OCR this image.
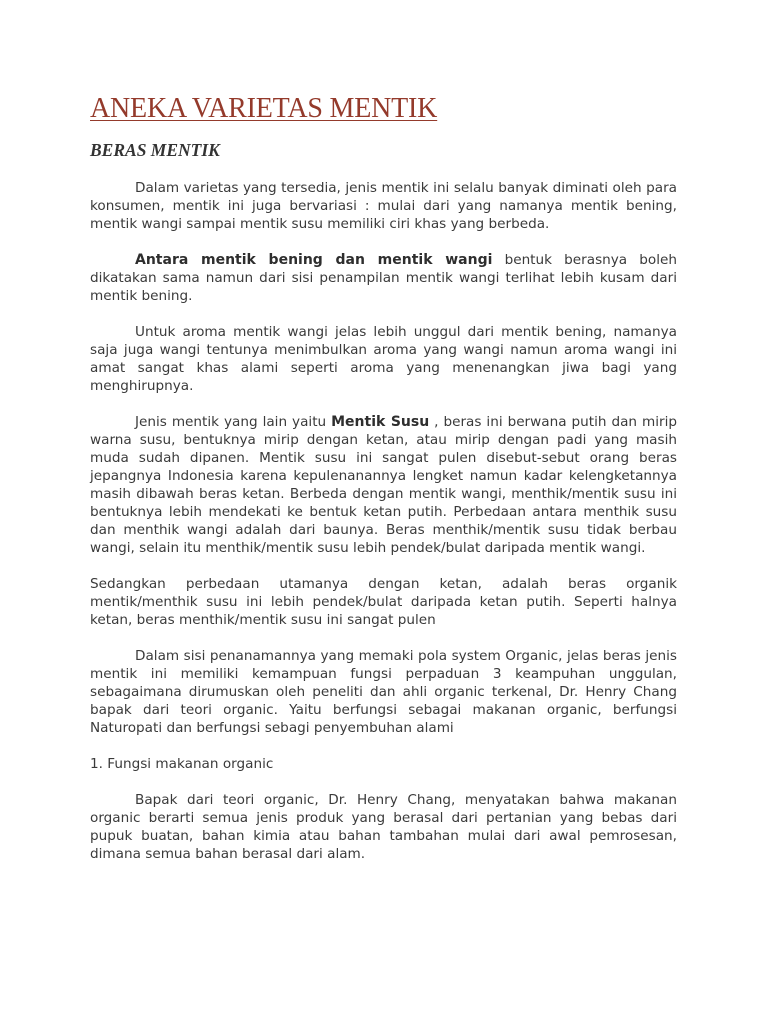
ANEKA VARIETAS MENTIK
BERAS MENTIK

Dalam varietas yang tersedia, jenis mentik ini selalu banyak diminati oleh para konsumen, mentik ini juga bervariasi : mulai dari yang namanya mentik bening, mentik wangi sampai mentik susu memiliki ciri khas yang berbeda.

Antara mentik bening dan mentik wangi bentuk berasnya boleh dikatakan sama namun dari sisi penampilan mentik wangi terlihat lebih kusam dari mentik bening.

Untuk aroma mentik wangi jelas lebih unggul dari mentik bening, namanya saja juga wangi tentunya menimbulkan aroma yang wangi namun aroma wangi ini amat sangat khas alami seperti aroma yang menenangkan jiwa bagi yang menghirupnya.

Jenis mentik yang lain yaitu Mentik Susu , beras ini berwana putih dan mirip warna susu, bentuknya mirip dengan ketan, atau mirip dengan padi yang masih muda sudah dipanen. Mentik susu ini sangat pulen disebut-sebut orang beras jepangnya Indonesia karena kepulenanannya lengket namun kadar kelengketannya masih dibawah beras ketan. Berbeda dengan mentik wangi, menthik/mentik susu ini bentuknya lebih mendekati ke bentuk ketan putih. Perbedaan antara menthik susu dan menthik wangi adalah dari baunya. Beras menthik/mentik susu tidak berbau wangi, selain itu menthik/mentik susu lebih pendek/bulat daripada mentik wangi.

Sedangkan perbedaan utamanya dengan ketan, adalah beras organik mentik/menthik susu ini lebih pendek/bulat daripada ketan putih. Seperti halnya ketan, beras menthik/mentik susu ini sangat pulen

Dalam sisi penanamannya yang memaki pola system Organic, jelas beras jenis mentik ini memiliki kemampuan fungsi perpaduan 3 keampuhan unggulan, sebagaimana dirumuskan oleh peneliti dan ahli organic terkenal, Dr. Henry Chang bapak dari teori organic. Yaitu berfungsi sebagai makanan organic, berfungsi Naturopati dan berfungsi sebagi penyembuhan alami

1. Fungsi makanan organic

Bapak dari teori organic, Dr. Henry Chang, menyatakan bahwa makanan organic berarti semua jenis produk yang berasal dari pertanian yang bebas dari pupuk buatan, bahan kimia atau bahan tambahan mulai dari awal pemrosesan, dimana semua bahan berasal dari alam.
